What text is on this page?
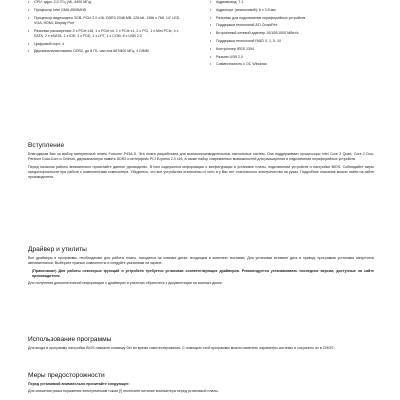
• СРU: ядро, 2,0 ГГц (4K, 4400 МГц)
• Процессор Intel GMA 4500MHD
• Процессор видеокарты 3GB, PCIe 2.0 x16, DDR3 2048 MB, 128-bit, 1366 x 768, 14" LED, VGA, HDMI, Display Port
• Разъемы расширения: 2 x PCIe x16, 1 x PCIe x4, 1 x PCIe x1, 2 x PCI, 1 x Mini PCIe, 4 x SATA, 2 x eSATA, 1 x IDE, 1 x FDD, 1 x LPT, 1 x COM, 8 x USB 2.0
• Цифровой порт: 4
• Двухканальная память DDR2, до 8 ГБ, частота 667/800 МГц, 4 DIMM
• Аудиовыход: 7.1
• Аудиопорт (аналоговый): 6 x 3,5 мм
• Разъемы для подключения периферийных устройств
• Поддержка технологий ATI CrossFire
• Встроенный сетевой адаптер 10/100/1000 Мбит/с
• Поддержка технологий RAID 0, 1, 5, 10
• Контроллер IEEE 1394
• Разъем USB 2.0
• Совместимость с ОС Windows
Вступление

Благодарим Вас за выбор материнской платы Foxconn P43A-S. Эта плата разработана для высокопроизводительных настольных систем. Она поддерживает процессоры Intel Core 2 Quad, Core 2 Duo, Pentium Dual-Core и Celeron, двухканальную память DDR2 и интерфейс PCI Express 2.0 x16, а также набор современных возможностей для расширения и подключения периферийных устройств.

Перед началом работы внимательно прочитайте данное руководство. В нем содержится информация о конфигурации и установке платы, подключении устройств и настройке BIOS. Соблюдайте меры предосторожности при работе с компонентами компьютера. Убедитесь, что все устройства отключены от сети и у Вас нет статического электричества на руках. Подробное описание можно найти на сайте производителя.

Драйвер и утилиты

Все драйверы и программы, необходимые для работы платы, находятся на компакт-диске, входящем в комплект поставки. Для установки вставьте диск в привод; программа установки запустится автоматически. Выберите нужные компоненты и следуйте указаниям на экране.

(Примечание) Для работы некоторых функций и устройств требуется установка соответствующих драйверов. Рекомендуется устанавливать последние версии, доступные на сайте производителя.

Для получения дополнительной информации о драйверах и утилитах обратитесь к документации на компакт-диске.

Использование программы

Для входа в программу настройки BIOS нажмите клавишу Del во время самотестирования. С помощью этой программы можно изменить параметры системы и сохранить их в CMOS.

Меры предосторожности

Перед установкой внимательно прочитайте следующее:

Для снижения риска поражения электрическим током [!] отключите питание компьютера перед установкой платы.
